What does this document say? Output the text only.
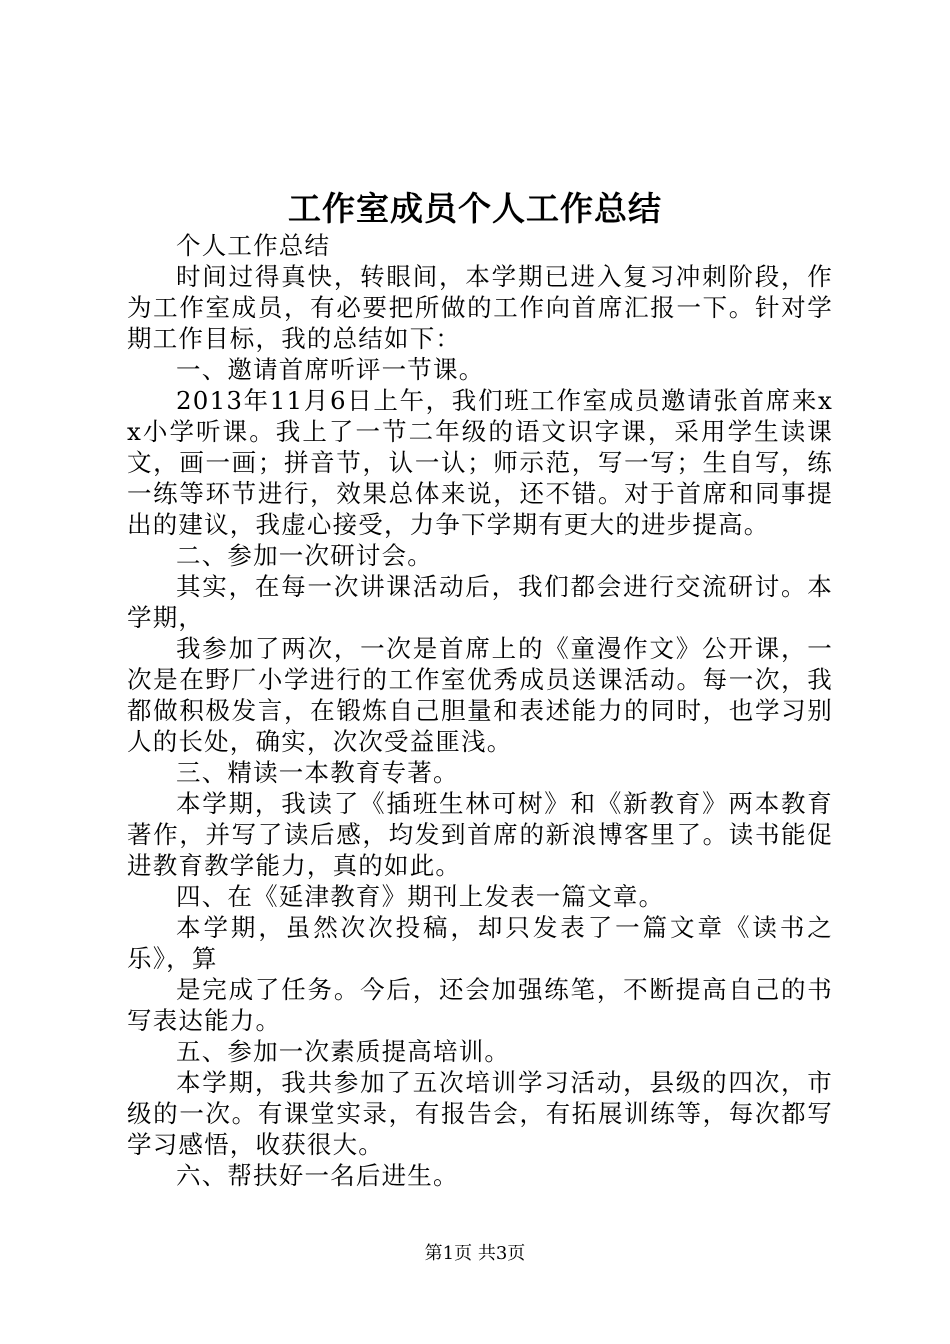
工作室成员个人工作总结

个人工作总结

时间过得真快，转眼间，本学期已进入复习冲刺阶段，作为工作室成员，有必要把所做的工作向首席汇报一下。针对学期工作目标，我的总结如下：

一、邀请首席听评一节课。

2013年11月6日上午，我们班工作室成员邀请张首席来xx小学听课。我上了一节二年级的语文识字课，采用学生读课文，画一画；拼音节，认一认；师示范，写一写；生自写，练一练等环节进行，效果总体来说，还不错。对于首席和同事提出的建议，我虚心接受，力争下学期有更大的进步提高。

二、参加一次研讨会。

其实，在每一次讲课活动后，我们都会进行交流研讨。本学期，

我参加了两次，一次是首席上的《童漫作文》公开课，一次是在野厂小学进行的工作室优秀成员送课活动。每一次，我都做积极发言，在锻炼自己胆量和表述能力的同时，也学习别人的长处，确实，次次受益匪浅。

三、精读一本教育专著。

本学期，我读了《插班生林可树》和《新教育》两本教育著作，并写了读后感，均发到首席的新浪博客里了。读书能促进教育教学能力，真的如此。

四、在《延津教育》期刊上发表一篇文章。

本学期，虽然次次投稿，却只发表了一篇文章《读书之乐》，算

是完成了任务。今后，还会加强练笔，不断提高自己的书写表达能力。

五、参加一次素质提高培训。

本学期，我共参加了五次培训学习活动，县级的四次，市级的一次。有课堂实录，有报告会，有拓展训练等，每次都写学习感悟，收获很大。

六、帮扶好一名后进生。

第1页 共3页
